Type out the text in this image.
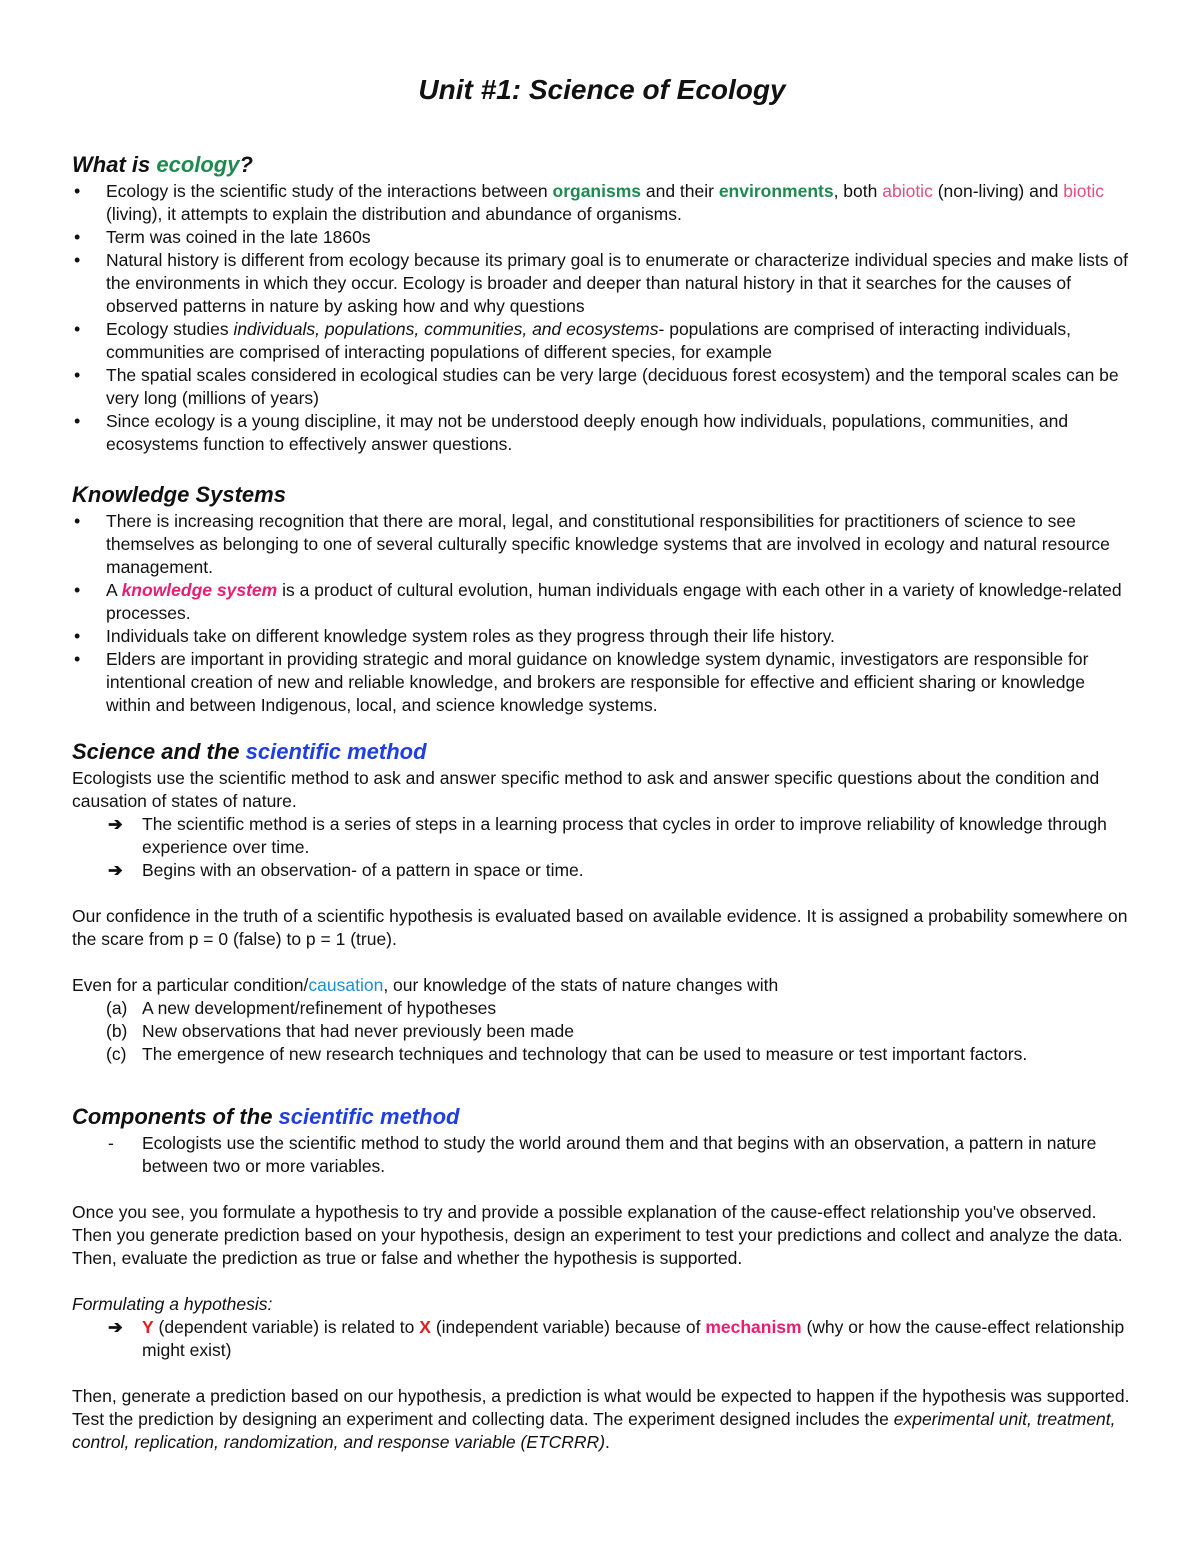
Unit #1: Science of Ecology
What is ecology?
• Ecology is the scientific study of the interactions between organisms and their environments, both abiotic (non-living) and biotic (living), it attempts to explain the distribution and abundance of organisms.
• Term was coined in the late 1860s
• Natural history is different from ecology because its primary goal is to enumerate or characterize individual species and make lists of the environments in which they occur. Ecology is broader and deeper than natural history in that it searches for the causes of observed patterns in nature by asking how and why questions
• Ecology studies individuals, populations, communities, and ecosystems- populations are comprised of interacting individuals, communities are comprised of interacting populations of different species, for example
• The spatial scales considered in ecological studies can be very large (deciduous forest ecosystem) and the temporal scales can be very long (millions of years)
• Since ecology is a young discipline, it may not be understood deeply enough how individuals, populations, communities, and ecosystems function to effectively answer questions.
Knowledge Systems
• There is increasing recognition that there are moral, legal, and constitutional responsibilities for practitioners of science to see themselves as belonging to one of several culturally specific knowledge systems that are involved in ecology and natural resource management.
• A knowledge system is a product of cultural evolution, human individuals engage with each other in a variety of knowledge-related processes.
• Individuals take on different knowledge system roles as they progress through their life history.
• Elders are important in providing strategic and moral guidance on knowledge system dynamic, investigators are responsible for intentional creation of new and reliable knowledge, and brokers are responsible for effective and efficient sharing or knowledge within and between Indigenous, local, and science knowledge systems.
Science and the scientific method

Ecologists use the scientific method to ask and answer specific method to ask and answer specific questions about the condition and causation of states of nature.

➔ The scientific method is a series of steps in a learning process that cycles in order to improve reliability of knowledge through experience over time.
➔ Begins with an observation- of a pattern in space or time.

Our confidence in the truth of a scientific hypothesis is evaluated based on available evidence. It is assigned a probability somewhere on the scare from p = 0 (false) to p = 1 (true).

Even for a particular condition/causation, our knowledge of the stats of nature changes with

(a) A new development/refinement of hypotheses
(b) New observations that had never previously been made
(c) The emergence of new research techniques and technology that can be used to measure or test important factors.
Components of the scientific method
- Ecologists use the scientific method to study the world around them and that begins with an observation, a pattern in nature between two or more variables.

Once you see, you formulate a hypothesis to try and provide a possible explanation of the cause-effect relationship you've observed. Then you generate prediction based on your hypothesis, design an experiment to test your predictions and collect and analyze the data. Then, evaluate the prediction as true or false and whether the hypothesis is supported.

Formulating a hypothesis:

➔ Y (dependent variable) is related to X (independent variable) because of mechanism (why or how the cause-effect relationship might exist)

Then, generate a prediction based on our hypothesis, a prediction is what would be expected to happen if the hypothesis was supported. Test the prediction by designing an experiment and collecting data. The experiment designed includes the experimental unit, treatment, control, replication, randomization, and response variable (ETCRRR).
